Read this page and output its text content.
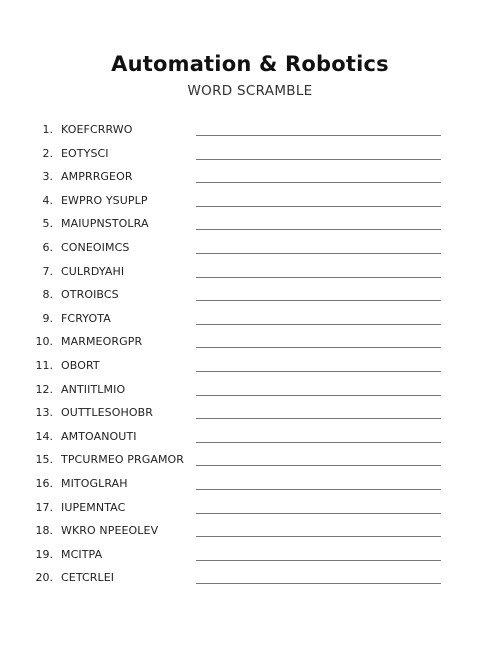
Automation & Robotics
WORD SCRAMBLE
1. KOEFCRRWO
2. EOTYSCI
3. AMPRRGEOR
4. EWPRO YSUPLP
5. MAIUPNSTOLRA
6. CONEOIMCS
7. CULRDYAHI
8. OTROIBCS
9. FCRYOTA
10. MARMEORGPR
11. OBORT
12. ANTIITLMIO
13. OUTTLESOHOBR
14. AMTOANOUTI
15. TPCURMEO PRGAMOR
16. MITOGLRAH
17. IUPEMNTAC
18. WKRO NPEEOLEV
19. MCITPA
20. CETCRLEI
